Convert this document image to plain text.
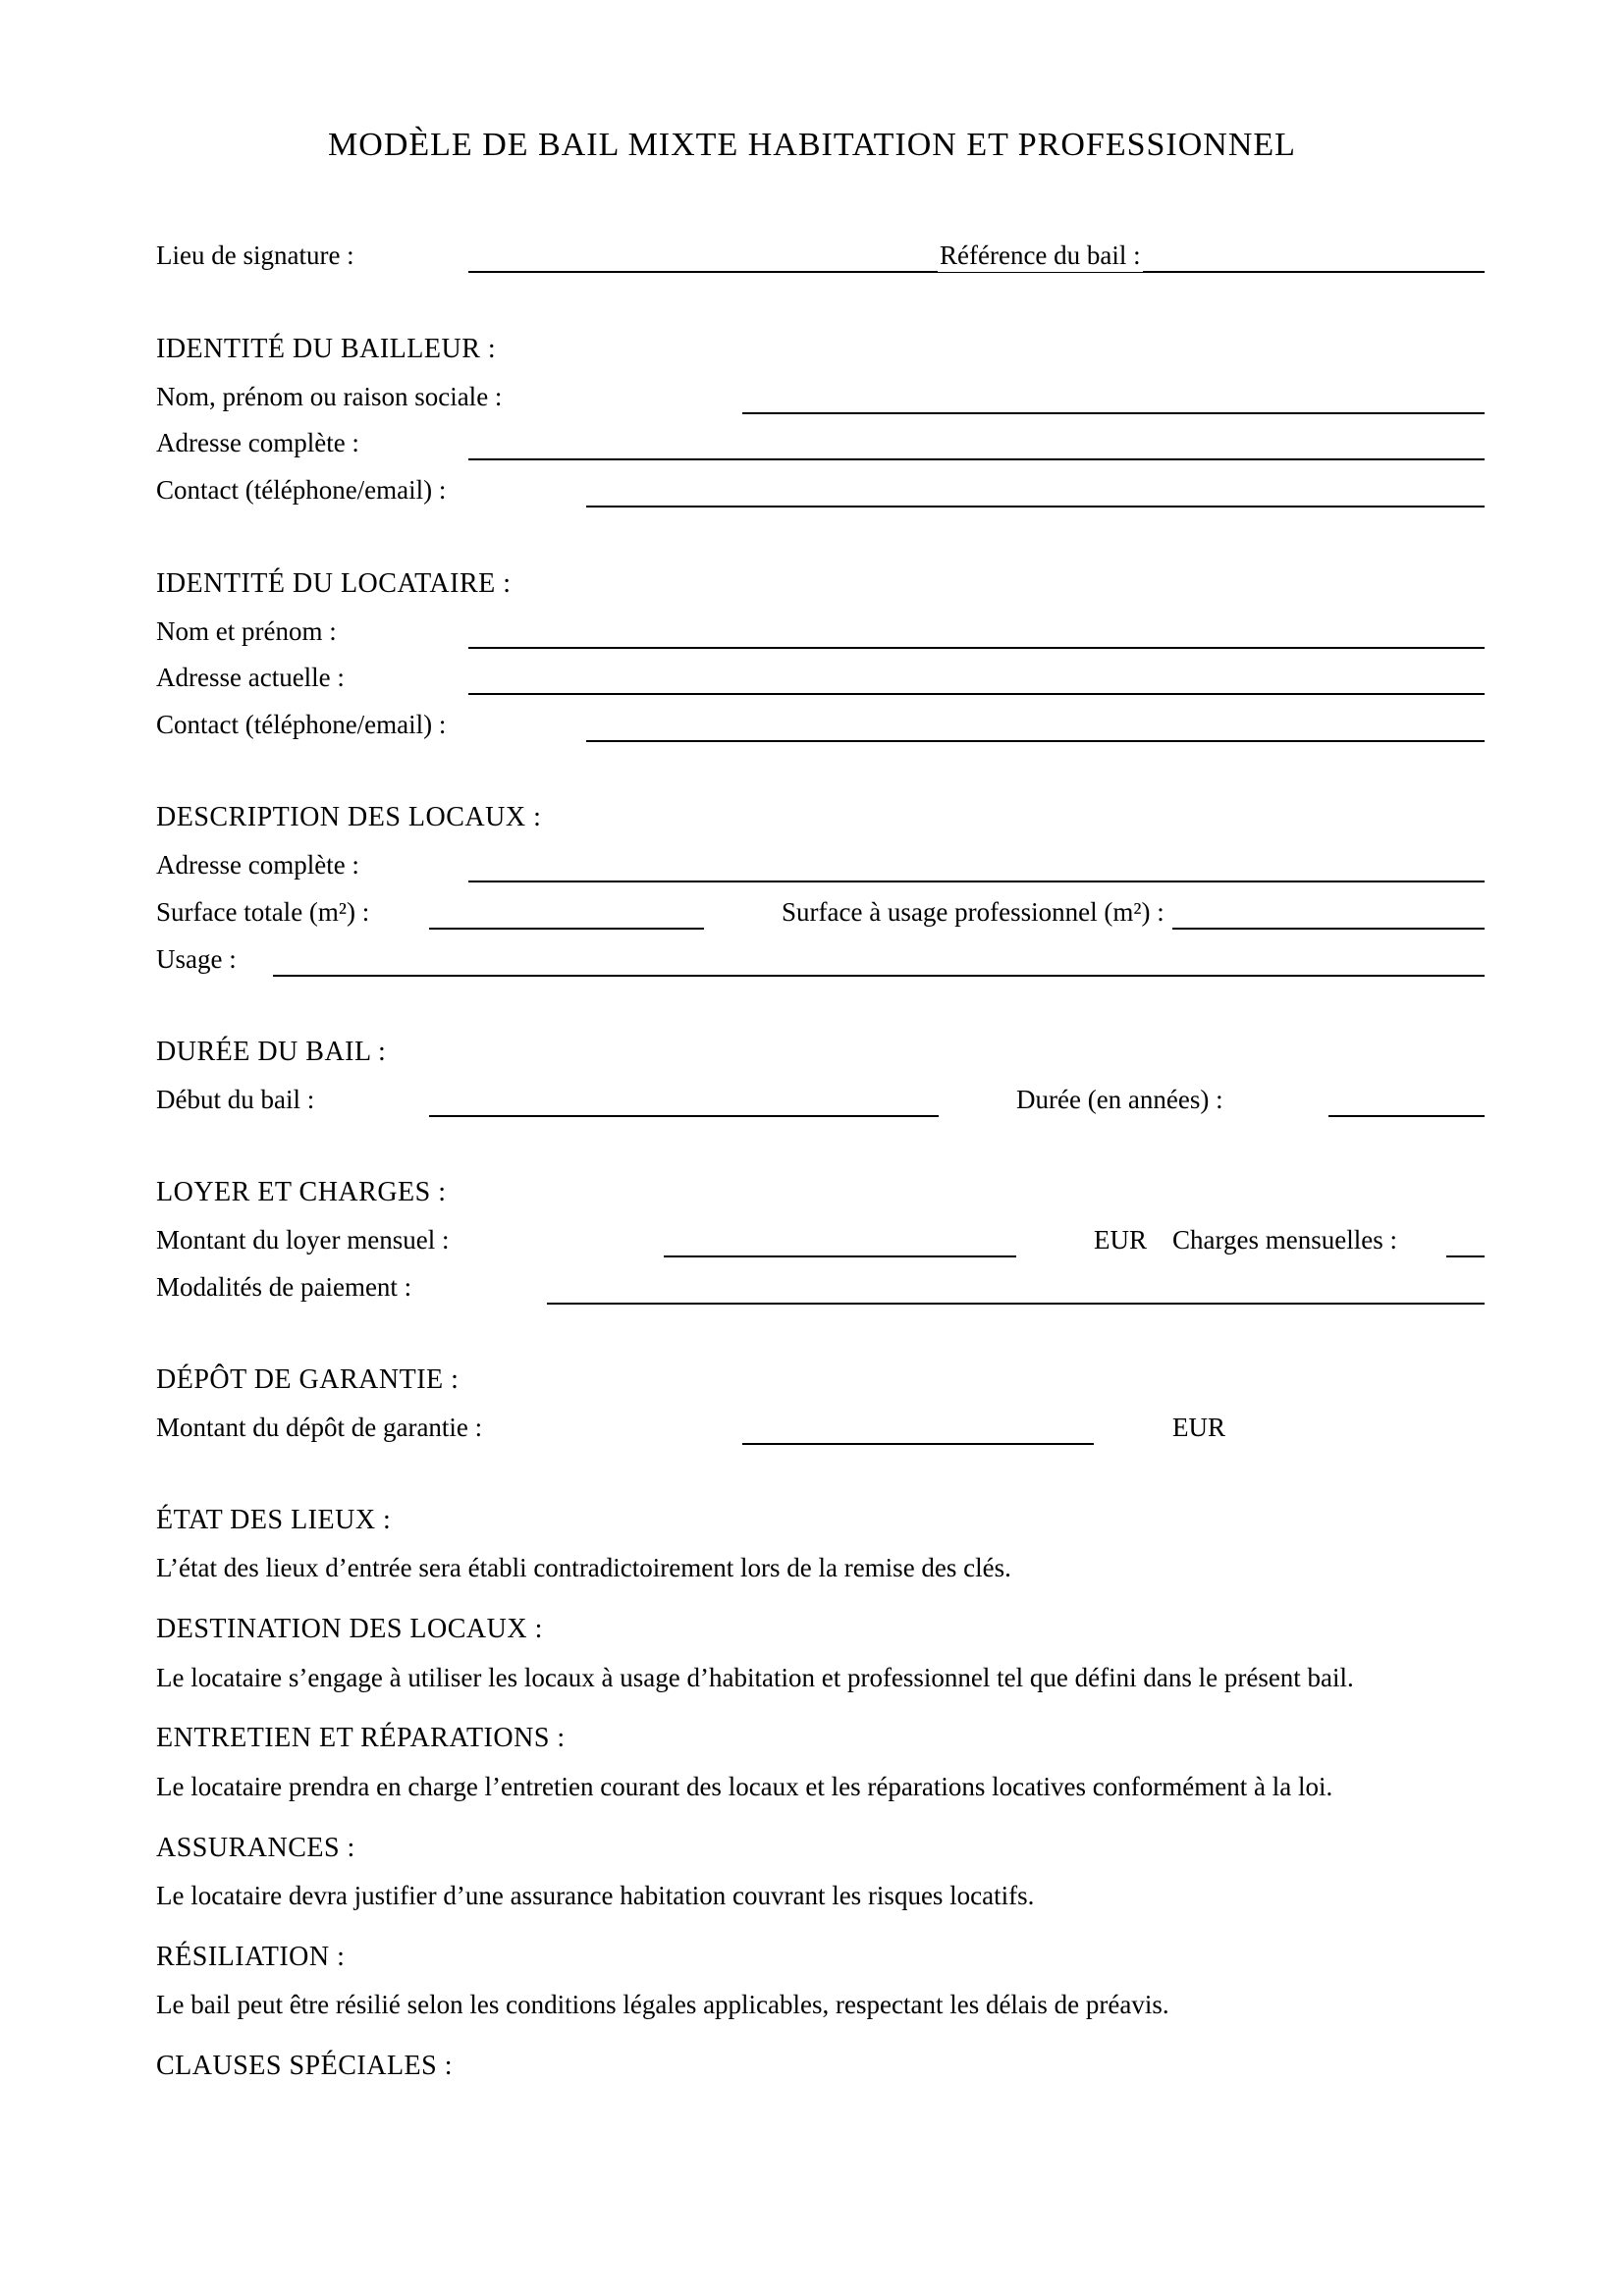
MODÈLE DE BAIL MIXTE HABITATION ET PROFESSIONNEL
Lieu de signature :	Référence du bail :
IDENTITÉ DU BAILLEUR :
Nom, prénom ou raison sociale :
Adresse complète :
Contact (téléphone/email) :
IDENTITÉ DU LOCATAIRE :
Nom et prénom :
Adresse actuelle :
Contact (téléphone/email) :
DESCRIPTION DES LOCAUX :
Adresse complète :
Surface totale (m²) :	Surface à usage professionnel (m²) :
Usage :
DURÉE DU BAIL :
Début du bail :	Durée (en années) :
LOYER ET CHARGES :
Montant du loyer mensuel :	EUR Charges mensuelles :
Modalités de paiement :
DÉPÔT DE GARANTIE :
Montant du dépôt de garantie :	EUR
ÉTAT DES LIEUX :
L’état des lieux d’entrée sera établi contradictoirement lors de la remise des clés.
DESTINATION DES LOCAUX :
Le locataire s’engage à utiliser les locaux à usage d’habitation et professionnel tel que défini dans le présent bail.
ENTRETIEN ET RÉPARATIONS :
Le locataire prendra en charge l’entretien courant des locaux et les réparations locatives conformément à la loi.
ASSURANCES :
Le locataire devra justifier d’une assurance habitation couvrant les risques locatifs.
RÉSILIATION :
Le bail peut être résilié selon les conditions légales applicables, respectant les délais de préavis.
CLAUSES SPÉCIALES :
